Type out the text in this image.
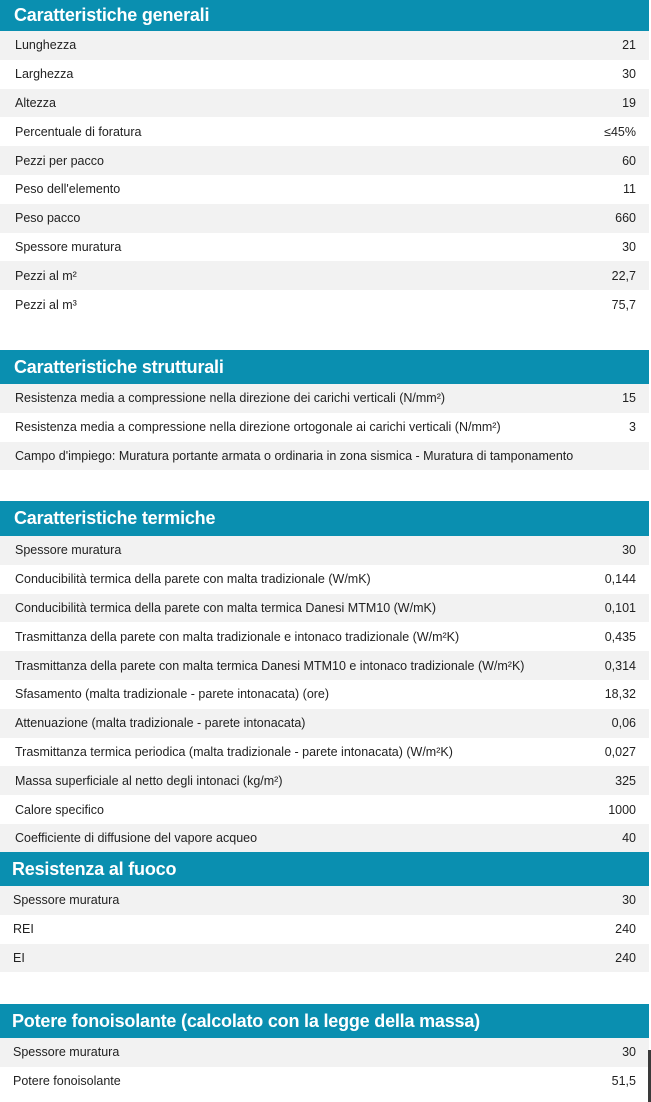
Caratteristiche generali
Lunghezza	21
Larghezza	30
Altezza	19
Percentuale di foratura	≤45%
Pezzi per pacco	60
Peso dell'elemento	11
Peso pacco	660
Spessore muratura	30
Pezzi al m²	22,7
Pezzi al m³	75,7
Caratteristiche strutturali
Resistenza media a compressione nella direzione dei carichi verticali (N/mm²)	15
Resistenza media a compressione nella direzione ortogonale ai carichi verticali (N/mm²)	3
Campo d'impiego: Muratura portante armata o ordinaria in zona sismica - Muratura di tamponamento
Caratteristiche termiche
Spessore muratura	30
Conducibilità termica della parete con malta tradizionale (W/mK)	0,144
Conducibilità termica della parete con malta termica Danesi MTM10 (W/mK)	0,101
Trasmittanza della parete con malta tradizionale e intonaco tradizionale (W/m²K)	0,435
Trasmittanza della parete con malta termica Danesi MTM10 e intonaco tradizionale (W/m²K)	0,314
Sfasamento (malta tradizionale - parete intonacata) (ore)	18,32
Attenuazione (malta tradizionale - parete intonacata)	0,06
Trasmittanza termica periodica (malta tradizionale - parete intonacata) (W/m²K)	0,027
Massa superficiale al netto degli intonaci (kg/m²)	325
Calore specifico	1000
Coefficiente di diffusione del vapore acqueo	40
Resistenza al fuoco
Spessore muratura	30
REI	240
EI	240
Potere fonoisolante (calcolato con la legge della massa)
Spessore muratura	30
Potere fonoisolante	51,5
